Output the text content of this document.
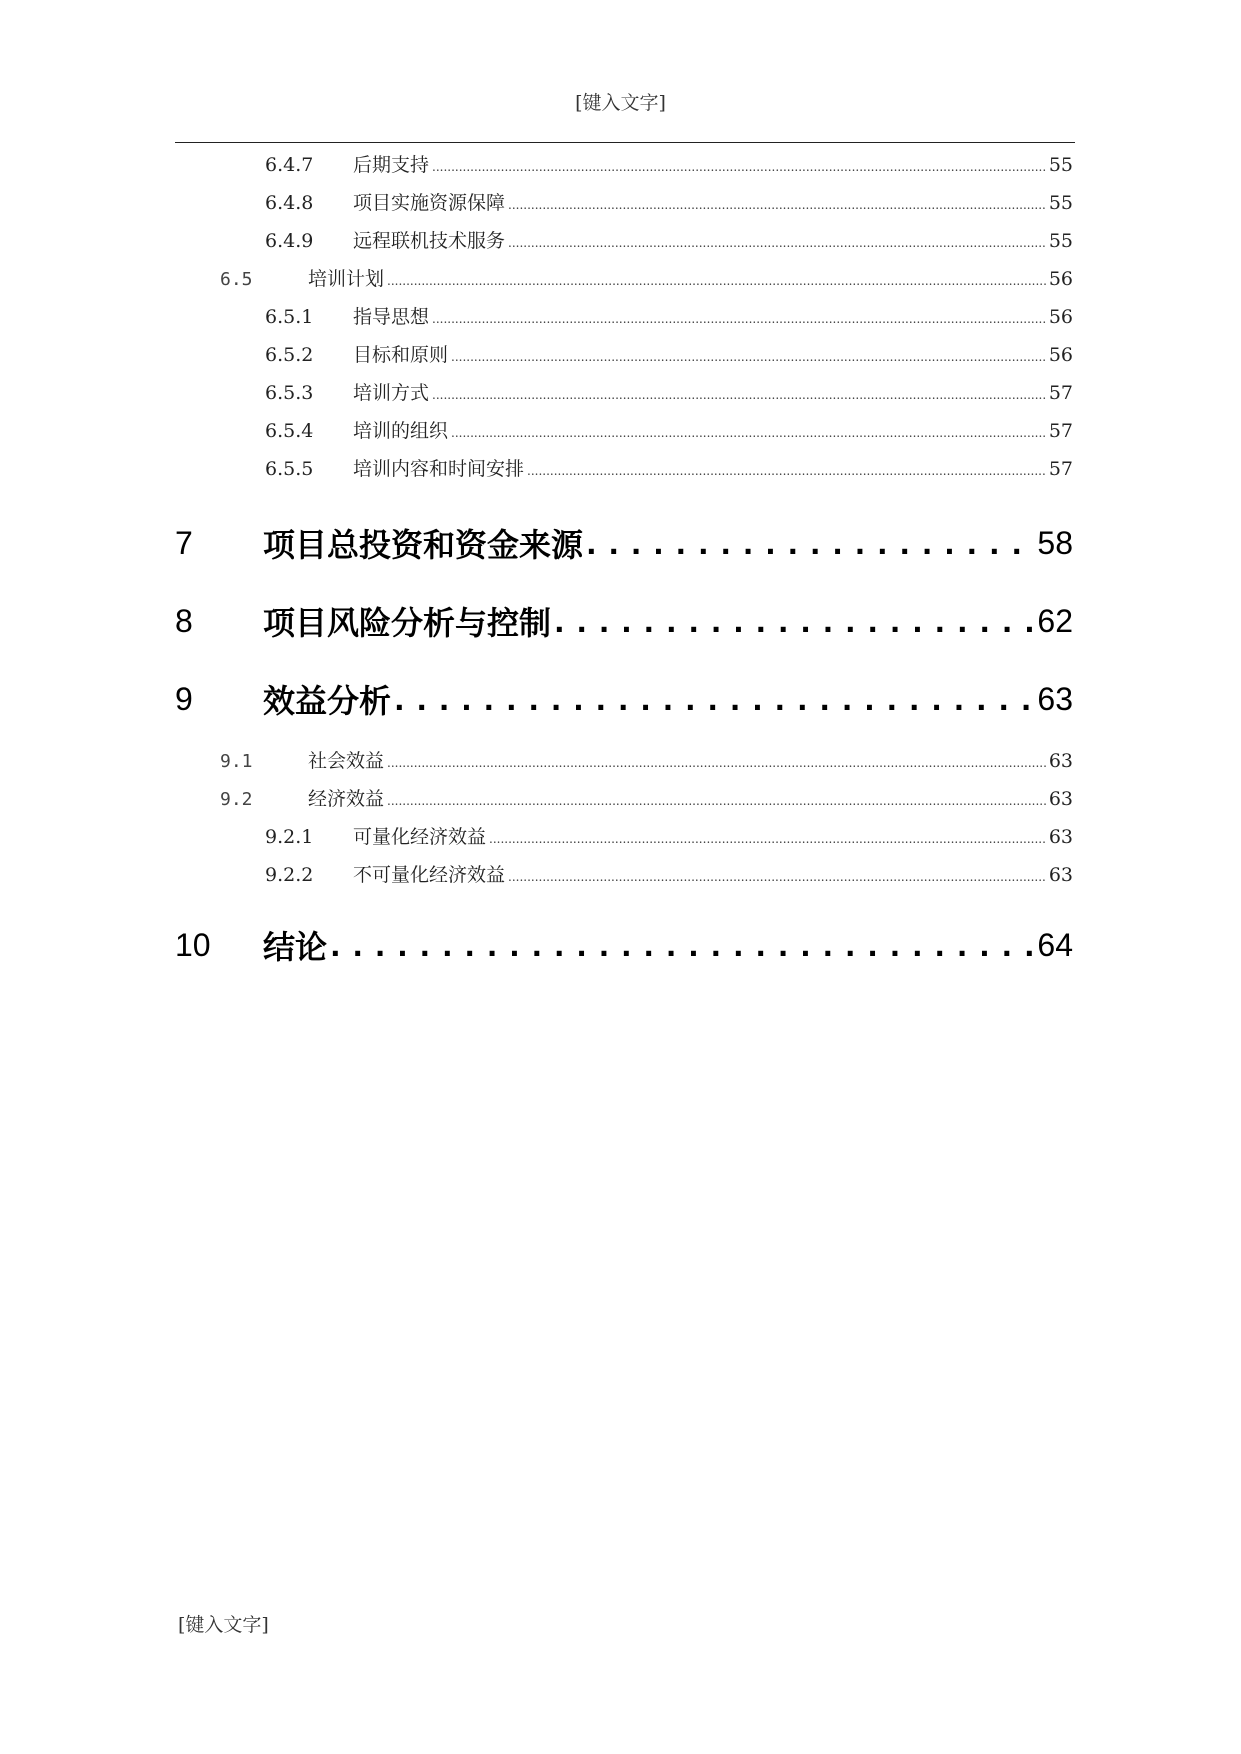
[键入文字]
6.4.7	后期支持 .....	55
6.4.8	项目实施资源保障 .....	55
6.4.9	远程联机技术服务 .....	55
6.5	培训计划 .....	56
6.5.1	指导思想 .....	56
6.5.2	目标和原则 .....	56
6.5.3	培训方式 .....	57
6.5.4	培训的组织 .....	57
6.5.5	培训内容和时间安排 .....	57
7	项目总投资和资金来源 . . .	58
8	项目风险分析与控制 . . .	62
9	效益分析 . . .	63
9.1	社会效益 .....	63
9.2	经济效益 .....	63
9.2.1	可量化经济效益 .....	63
9.2.2	不可量化经济效益 .....	63
10	结论 . . .	64
[键入文字]
